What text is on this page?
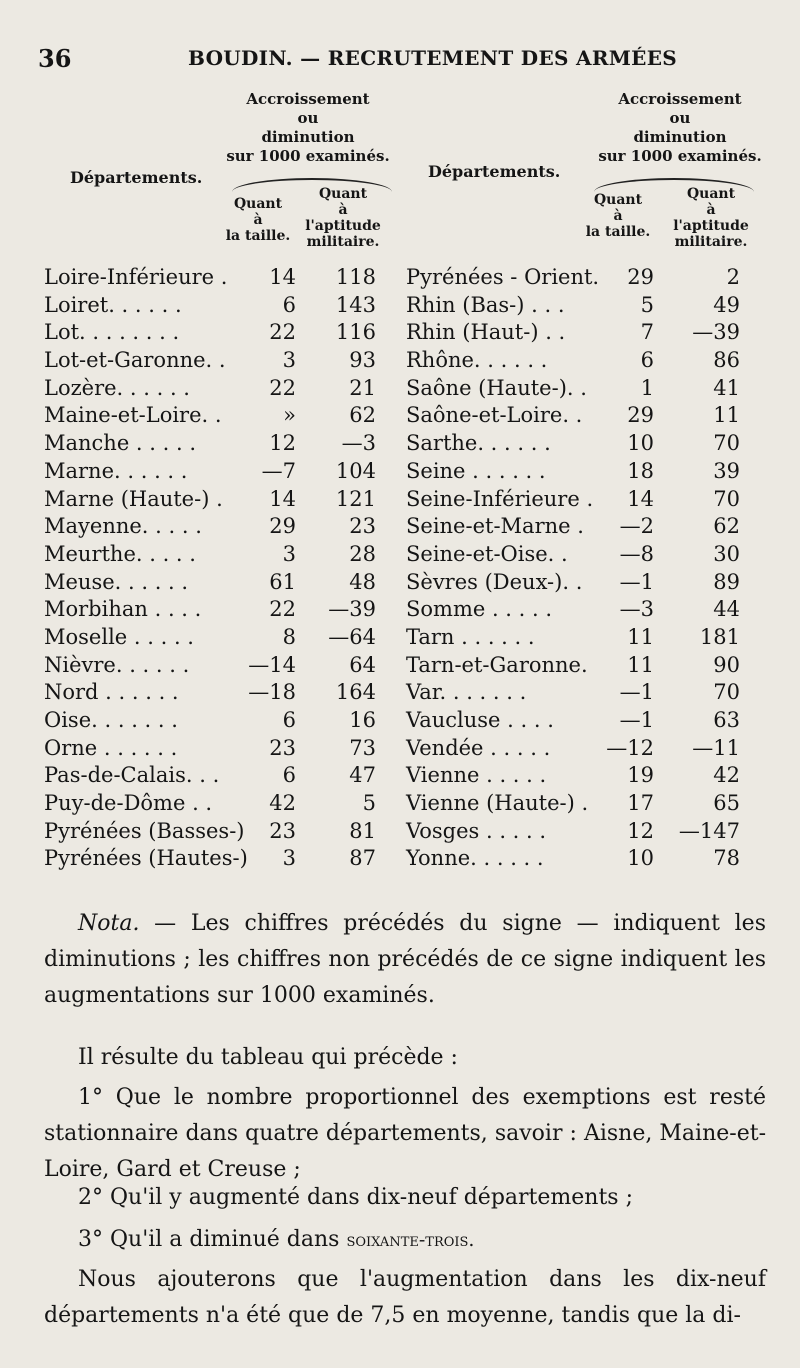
36	BOUDIN. — RECRUTEMENT DES ARMÉES
Accroissement
ou
diminution
sur 1000 examinés.
Départements.
Quant
à
la taille.
Quant
à
l'aptitude
militaire.
Accroissement
ou
diminution
sur 1000 examinés.
Départements.
Quant
à
la taille.
Quant
à
l'aptitude
militaire.
Loire-Inférieure .	14	118 Pyrénées - Orient.	29	2
Loiret. . . . . .	6	143 Rhin (Bas-) . . .	5	49
Lot. . . . . . . .	22	116 Rhin (Haut-) . .	7	—39
Lot-et-Garonne. .	3	93 Rhône. . . . . .	6	86
Lozère. . . . . .	22	21 Saône (Haute-). .	1	41
Maine-et-Loire. .	»	62 Saône-et-Loire. .	29	11
Manche . . . . .	12	—3 Sarthe. . . . . .	10	70
Marne. . . . . .	—7	104 Seine . . . . . .	18	39
Marne (Haute-) .	14	121 Seine-Inférieure .	14	70
Mayenne. . . . .	29	23 Seine-et-Marne .	—2	62
Meurthe. . . . .	3	28 Seine-et-Oise. .	—8	30
Meuse. . . . . .	61	48 Sèvres (Deux-). .	—1	89
Morbihan . . . .	22	—39 Somme . . . . .	—3	44
Moselle . . . . .	8	—64 Tarn . . . . . .	11	181
Nièvre. . . . . .	—14	64 Tarn-et-Garonne.	11	90
Nord . . . . . .	—18	164 Var. . . . . . .	—1	70
Oise. . . . . . .	6	16 Vaucluse . . . .	—1	63
Orne . . . . . .	23	73 Vendée . . . . .	—12	—11
Pas-de-Calais. . .	6	47 Vienne . . . . .	19	42
Puy-de-Dôme . .	42	5 Vienne (Haute-) .	17	65
Pyrénées (Basses-)	23	81 Vosges . . . . .	12	—147
Pyrénées (Hautes-)	3	87 Yonne. . . . . .	10	78
Nota. — Les chiffres précédés du signe — indiquent les diminutions ; les chiffres non précédés de ce signe indiquent les augmentations sur 1000 examinés.
Il résulte du tableau qui précède :
1° Que le nombre proportionnel des exemptions est resté stationnaire dans quatre départements, savoir : Aisne, Maine-et-Loire, Gard et Creuse ;
2° Qu'il y augmenté dans dix-neuf départements ;
3° Qu'il a diminué dans soixante-trois.
Nous ajouterons que l'augmentation dans les dix-neuf départements n'a été que de 7,5 en moyenne, tandis que la di-
